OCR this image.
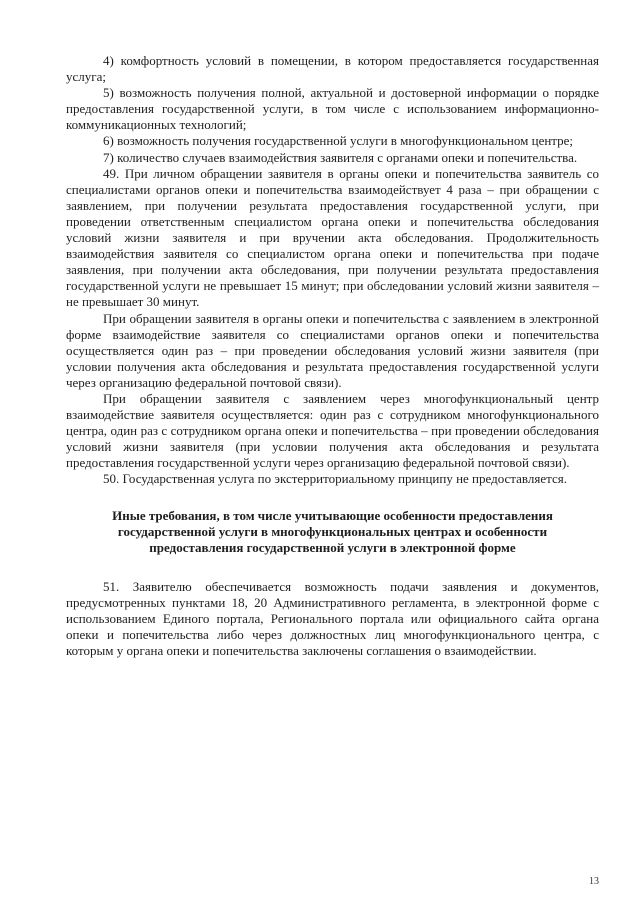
4) комфортность условий в помещении, в котором предоставляется государственная услуга;

5) возможность получения полной, актуальной и достоверной информации о порядке предоставления государственной услуги, в том числе с использованием информационно-коммуникационных технологий;

6) возможность получения государственной услуги в многофункциональном центре;

7) количество случаев взаимодействия заявителя с органами опеки и попечительства.

49. При личном обращении заявителя в органы опеки и попечительства заявитель со специалистами органов опеки и попечительства взаимодействует 4 раза – при обращении с заявлением, при получении результата предоставления государственной услуги, при проведении ответственным специалистом органа опеки и попечительства обследования условий жизни заявителя и при вручении акта обследования. Продолжительность взаимодействия заявителя со специалистом органа опеки и попечительства при подаче заявления, при получении акта обследования, при получении результата предоставления государственной услуги не превышает 15 минут; при обследовании условий жизни заявителя – не превышает 30 минут.

При обращении заявителя в органы опеки и попечительства с заявлением в электронной форме взаимодействие заявителя со специалистами органов опеки и попечительства осуществляется один раз – при проведении обследования условий жизни заявителя (при условии получения акта обследования и результата предоставления государственной услуги через организацию федеральной почтовой связи).

При обращении заявителя с заявлением через многофункциональный центр взаимодействие заявителя осуществляется: один раз с сотрудником многофункционального центра, один раз с сотрудником органа опеки и попечительства – при проведении обследования условий жизни заявителя (при условии получения акта обследования и результата предоставления государственной услуги через организацию федеральной почтовой связи).

50. Государственная услуга по экстерриториальному принципу не предоставляется.

Иные требования, в том числе учитывающие особенности предоставления государственной услуги в многофункциональных центрах и особенности предоставления государственной услуги в электронной форме

51. Заявителю обеспечивается возможность подачи заявления и документов, предусмотренных пунктами 18, 20 Административного регламента, в электронной форме с использованием Единого портала, Регионального портала или официального сайта органа опеки и попечительства либо через должностных лиц многофункционального центра, с которым у органа опеки и попечительства заключены соглашения о взаимодействии.

13
